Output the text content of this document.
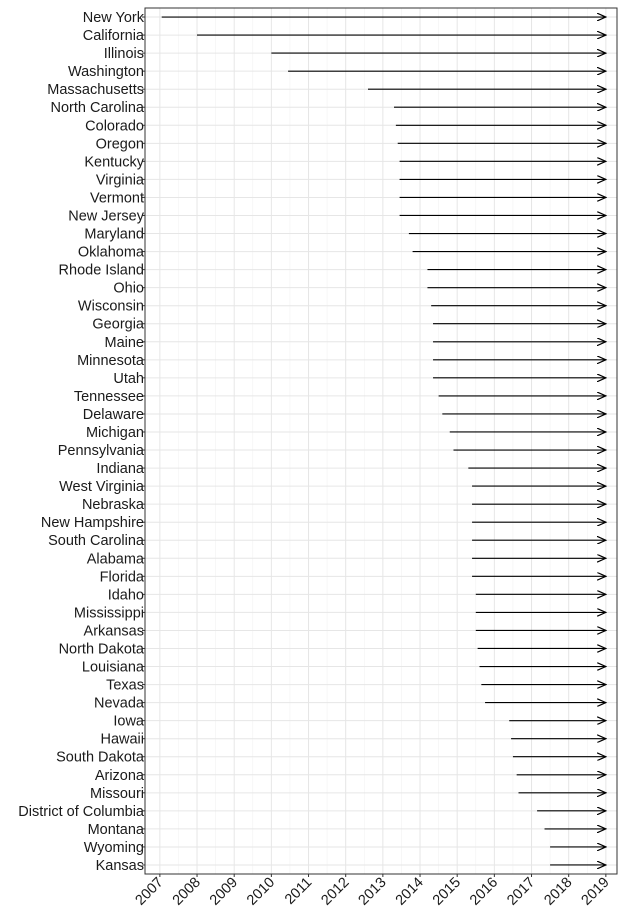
New York
California
Illinois
Washington
Massachusetts
North Carolina
Colorado
Oregon
Kentucky
Virginia
Vermont
New Jersey
Maryland
Oklahoma
Rhode Island
Ohio
Wisconsin
Georgia
Maine
Minnesota
Utah
Tennessee
Delaware
Michigan
Pennsylvania
Indiana
West Virginia
Nebraska
New Hampshire
South Carolina
Alabama
Florida
Idaho
Mississippi
Arkansas
North Dakota
Louisiana
Texas
Nevada
Iowa
Hawaii
South Dakota
Arizona
Missouri
District of Columbia
Montana
Wyoming
Kansas
2007 2008 2009 2010 2011 2012 2013 2014 2015 2016 2017 2018 2019
